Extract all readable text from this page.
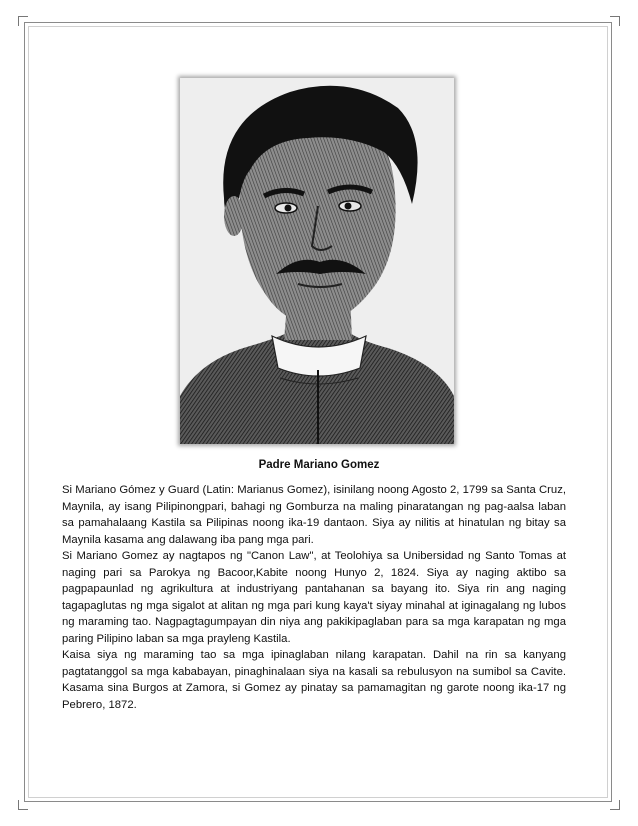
Padre Mariano Gomez

Si Mariano Gómez y Guard (Latin: Marianus Gomez), isinilang noong Agosto 2, 1799 sa Santa Cruz, Maynila, ay isang Pilipinongpari, bahagi ng Gomburza na maling pinaratangan ng pag-aalsa laban sa pamahalaang Kastila sa Pilipinas noong ika-19 dantaon. Siya ay nilitis at hinatulan ng bitay sa Maynila kasama ang dalawang iba pang mga pari.

Si Mariano Gomez ay nagtapos ng "Canon Law", at Teolohiya sa Unibersidad ng Santo Tomas at naging pari sa Parokya ng Bacoor,Kabite noong Hunyo 2, 1824. Siya ay naging aktibo sa pagpapaunlad ng agrikultura at industriyang pantahanan sa bayang ito. Siya rin ang naging tagapaglutas ng mga sigalot at alitan ng mga pari kung kaya't siyay minahal at iginagalang ng lubos ng maraming tao. Nagpagtagumpayan din niya ang pakikipaglaban para sa mga karapatan ng mga paring Pilipino laban sa mga prayleng Kastila.

Kaisa siya ng maraming tao sa mga ipinaglaban nilang karapatan. Dahil na rin sa kanyang pagtatanggol sa mga kababayan, pinaghinalaan siya na kasali sa rebulusyon na sumibol sa Cavite. Kasama sina Burgos at Zamora, si Gomez ay pinatay sa pamamagitan ng garote noong ika-17 ng Pebrero, 1872.
